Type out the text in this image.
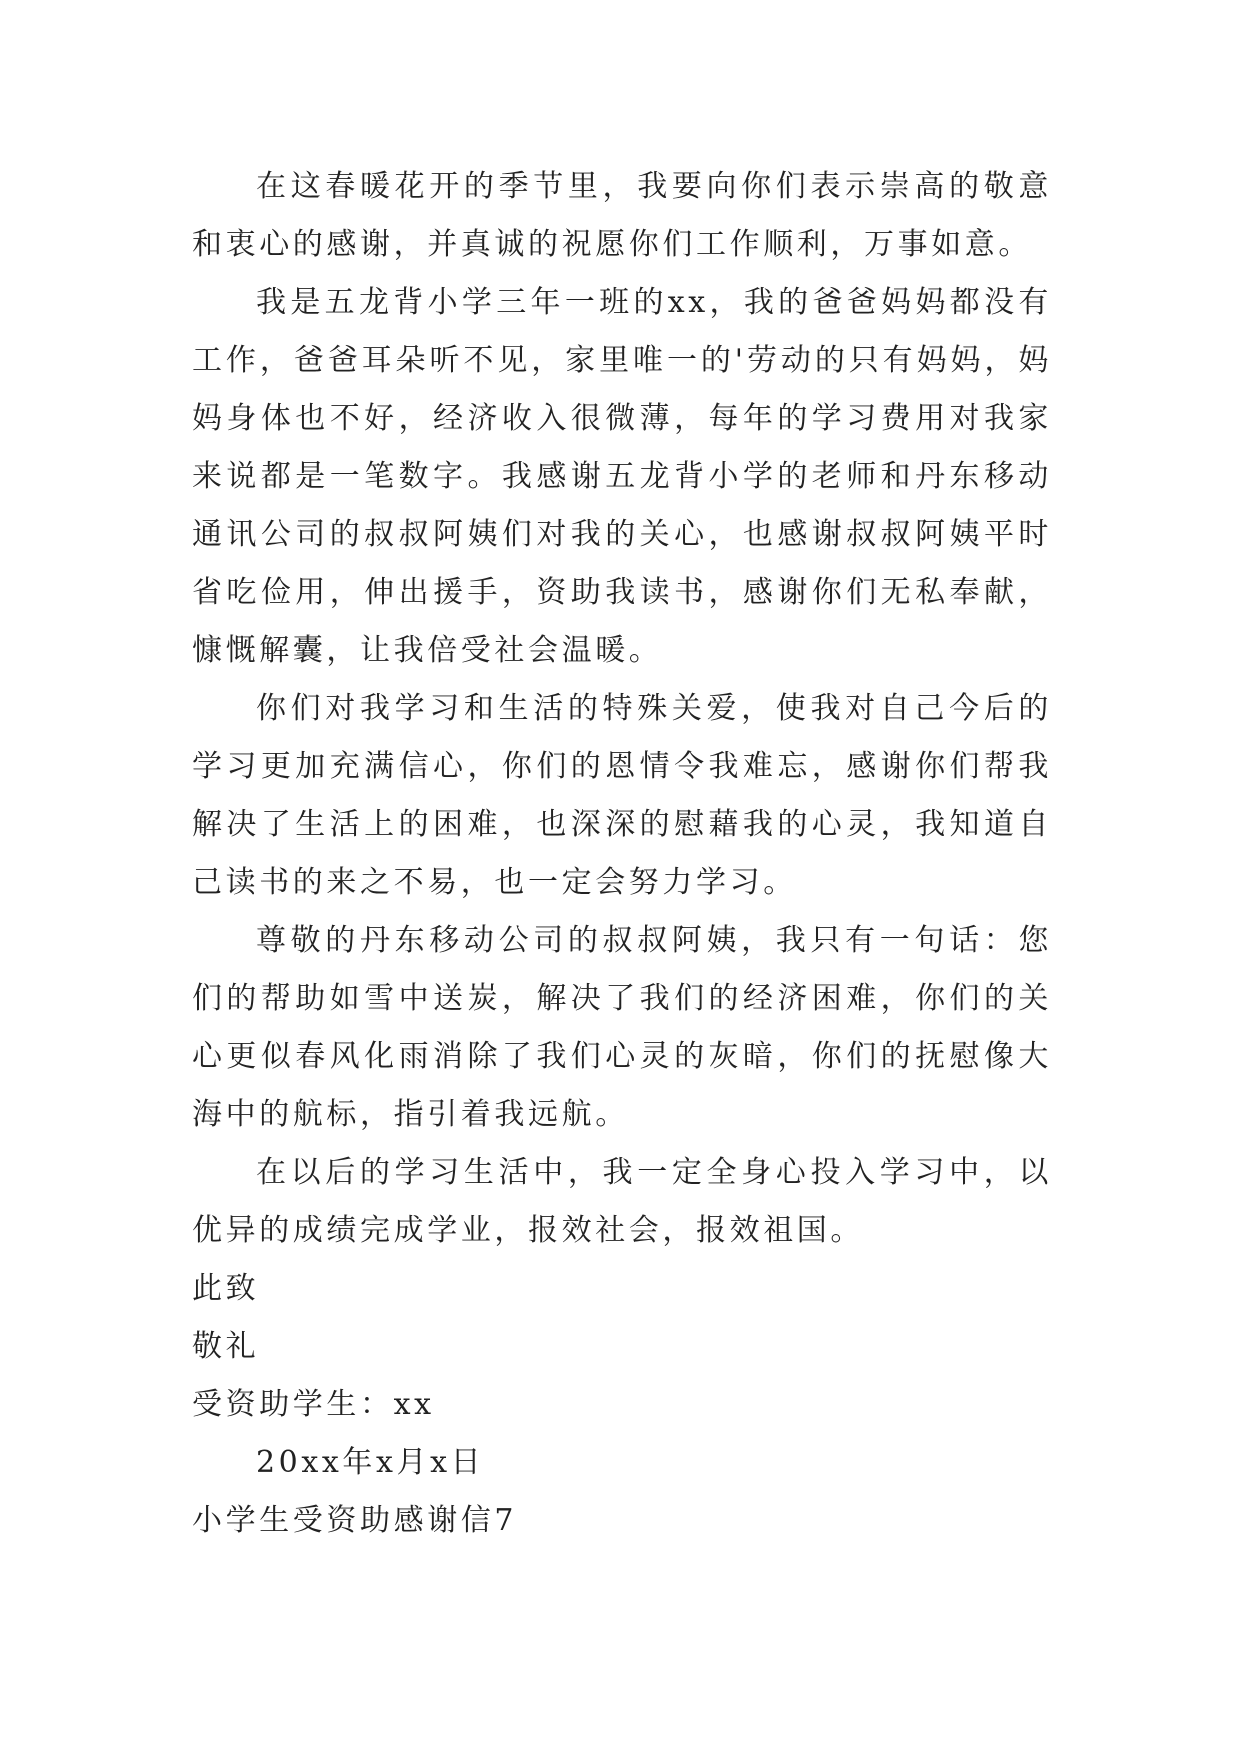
在这春暖花开的季节里，我要向你们表示崇高的敬意和衷心的感谢，并真诚的祝愿你们工作顺利，万事如意。

我是五龙背小学三年一班的xx，我的爸爸妈妈都没有工作，爸爸耳朵听不见，家里唯一的'劳动的只有妈妈，妈妈身体也不好，经济收入很微薄，每年的学习费用对我家来说都是一笔数字。我感谢五龙背小学的老师和丹东移动通讯公司的叔叔阿姨们对我的关心，也感谢叔叔阿姨平时省吃俭用，伸出援手，资助我读书，感谢你们无私奉献，慷慨解囊，让我倍受社会温暖。

你们对我学习和生活的特殊关爱，使我对自己今后的学习更加充满信心，你们的恩情令我难忘，感谢你们帮我解决了生活上的困难，也深深的慰藉我的心灵，我知道自己读书的来之不易，也一定会努力学习。

尊敬的丹东移动公司的叔叔阿姨，我只有一句话：您们的帮助如雪中送炭，解决了我们的经济困难，你们的关心更似春风化雨消除了我们心灵的灰暗，你们的抚慰像大海中的航标，指引着我远航。

在以后的学习生活中，我一定全身心投入学习中，以优异的成绩完成学业，报效社会，报效祖国。

此致

敬礼

受资助学生：xx

20xx年x月x日

小学生受资助感谢信7
